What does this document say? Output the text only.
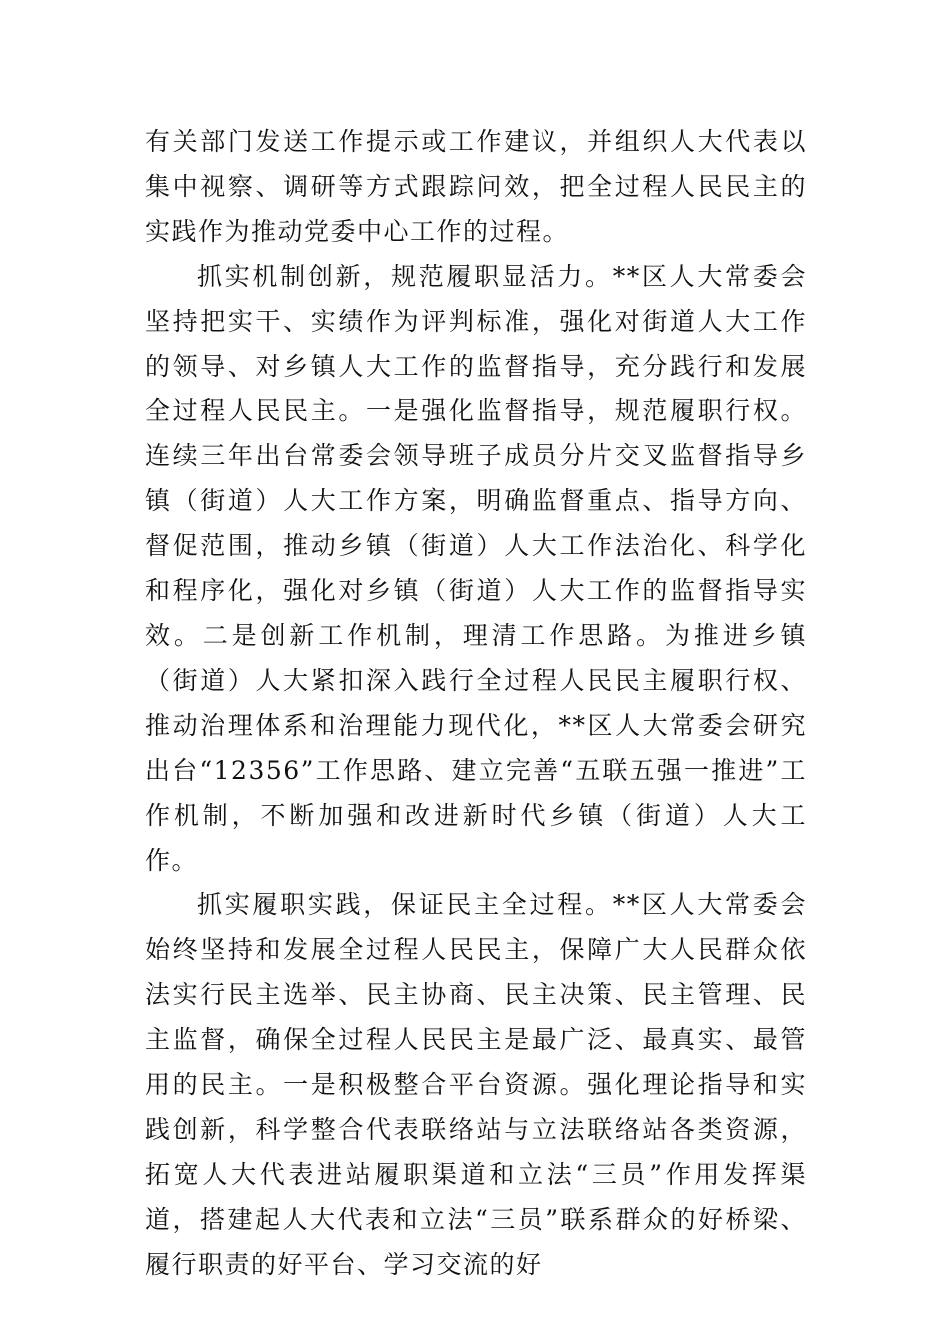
有关部门发送工作提示或工作建议，并组织人大代表以集中视察、调研等方式跟踪问效，把全过程人民民主的实践作为推动党委中心工作的过程。

抓实机制创新，规范履职显活力。**区人大常委会坚持把实干、实绩作为评判标准，强化对街道人大工作的领导、对乡镇人大工作的监督指导，充分践行和发展全过程人民民主。一是强化监督指导，规范履职行权。连续三年出台常委会领导班子成员分片交叉监督指导乡镇（街道）人大工作方案，明确监督重点、指导方向、督促范围，推动乡镇（街道）人大工作法治化、科学化和程序化，强化对乡镇（街道）人大工作的监督指导实效。二是创新工作机制，理清工作思路。为推进乡镇（街道）人大紧扣深入践行全过程人民民主履职行权、推动治理体系和治理能力现代化，**区人大常委会研究出台“12356”工作思路、建立完善“五联五强一推进”工作机制，不断加强和改进新时代乡镇（街道）人大工作。

抓实履职实践，保证民主全过程。**区人大常委会始终坚持和发展全过程人民民主，保障广大人民群众依法实行民主选举、民主协商、民主决策、民主管理、民主监督，确保全过程人民民主是最广泛、最真实、最管用的民主。一是积极整合平台资源。强化理论指导和实践创新，科学整合代表联络站与立法联络站各类资源，拓宽人大代表进站履职渠道和立法“三员”作用发挥渠道，搭建起人大代表和立法“三员”联系群众的好桥梁、履行职责的好平台、学习交流的好
